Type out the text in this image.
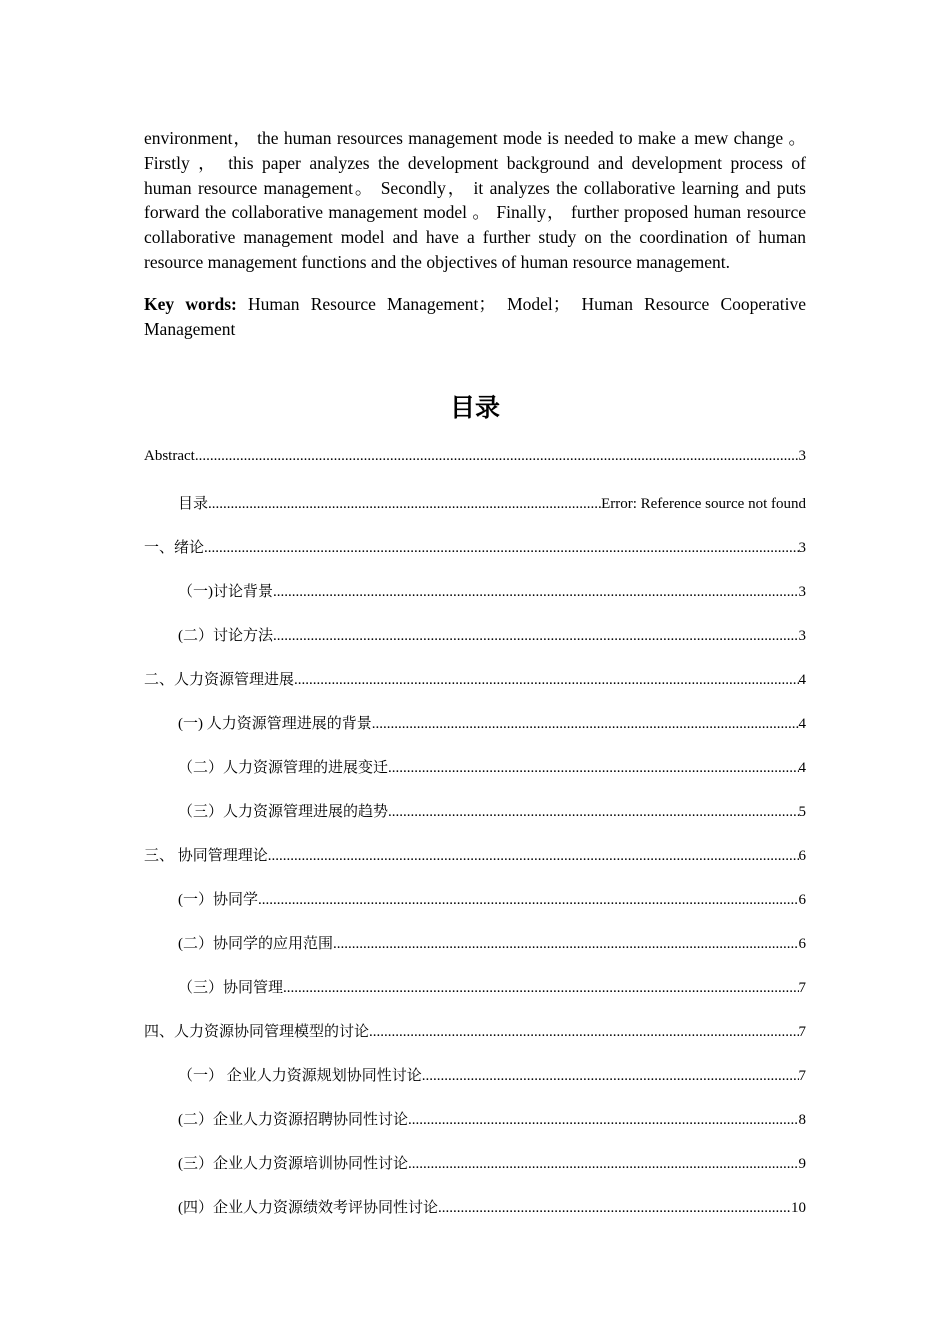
environment， the human resources management mode is needed to make a mew change 。 Firstly ， this paper analyzes the development background and development process of human resource management。 Secondly， it analyzes the collaborative learning and puts forward the collaborative management model 。 Finally， further proposed human resource collaborative management model and have a further study on the coordination of human resource management functions and the objectives of human resource management.

Key words: Human Resource Management； Model； Human Resource Cooperative Management

目录
Abstract .....	3
目录 .....	Error: Reference source not found
一、绪论 .....	3
（一)讨论背景 .....	3
(二）讨论方法 .....	3
二、人力资源管理进展 .....	4
(一) 人力资源管理进展的背景 .....	4
（二）人力资源管理的进展变迁 .....	4
（三）人力资源管理进展的趋势 .....	5
三、 协同管理理论 .....	6
(一）协同学 .....	6
(二）协同学的应用范围 .....	6
（三）协同管理 .....	7
四、人力资源协同管理模型的讨论 .....	7
（一） 企业人力资源规划协同性讨论 .....	7
(二）企业人力资源招聘协同性讨论 .....	8
(三）企业人力资源培训协同性讨论 .....	9
(四）企业人力资源绩效考评协同性讨论 .....	10
